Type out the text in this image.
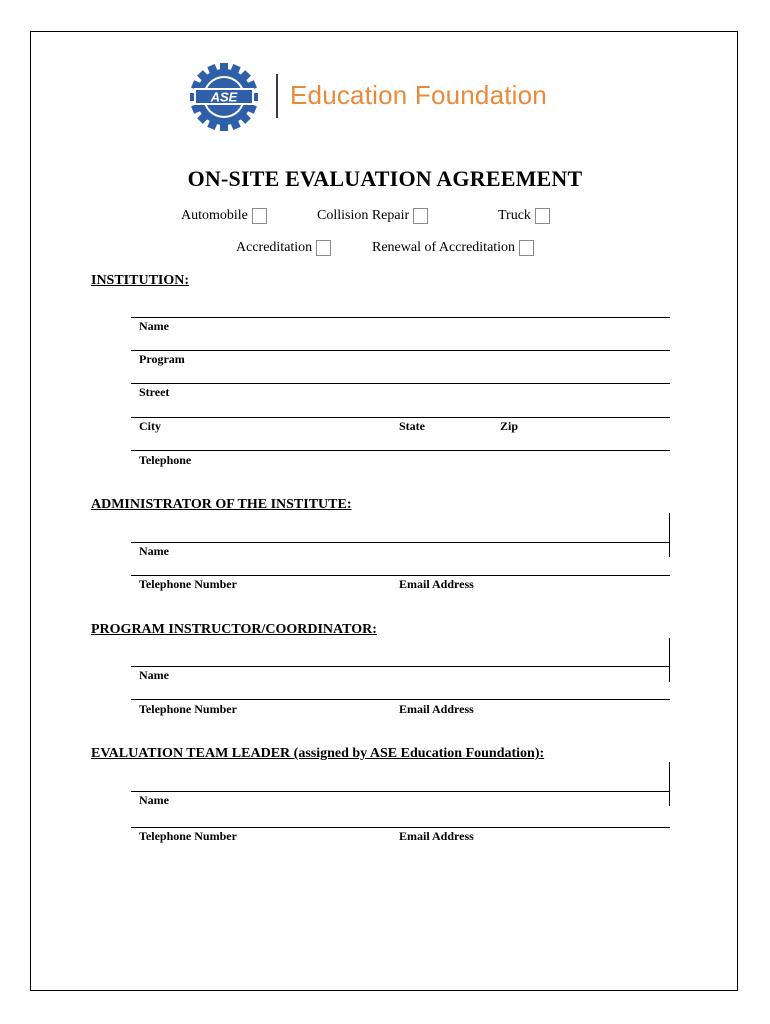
ASE Education Foundation
ON-SITE EVALUATION AGREEMENT
Automobile	Collision Repair	Truck
Accreditation	Renewal of Accreditation
INSTITUTION:
Name
Program
Street
City	State	Zip
Telephone
ADMINISTRATOR OF THE INSTITUTE:
Name
Telephone Number	Email Address
PROGRAM INSTRUCTOR/COORDINATOR:
Name
Telephone Number	Email Address
EVALUATION TEAM LEADER (assigned by ASE Education Foundation):
Name
Telephone Number	Email Address
